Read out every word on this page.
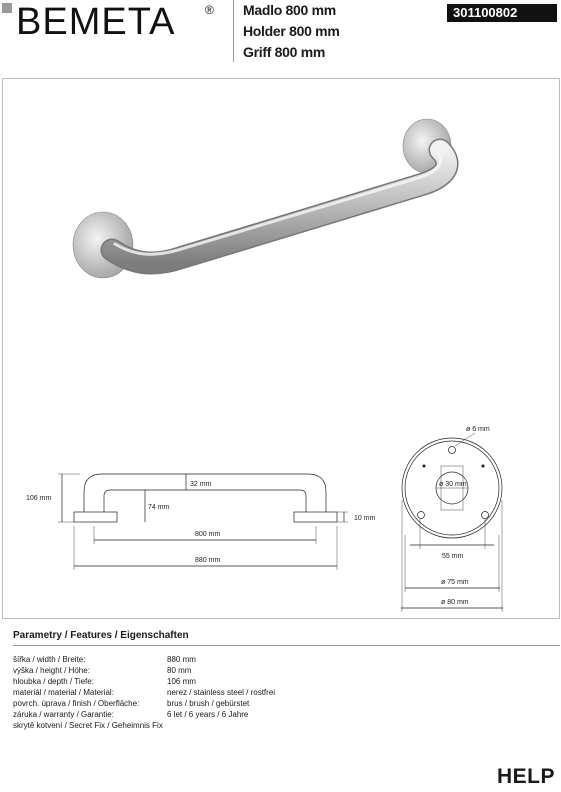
BEMETA ® Madlo 800 mm
Holder 800 mm
Griff 800 mm
301100802
106 mm
74 mm
32 mm
10 mm
800 mm
880 mm
ø 6 mm
ø 30 mm
55 mm
ø 75 mm
ø 80 mm
Parametry / Features / Eigenschaften
šířka / width / Breite:	880 mm
výška / height / Höhe:	80 mm
hloubka / depth / Tiefe:	106 mm
materiál / material / Material:	nerez / stainless steel / rostfrei
povrch. úprava / finish / Oberfläche:	brus / brush / gebürstet
záruka / warranty / Garantie:	6 let / 6 years / 6 Jahre
skrytě kotvení / Secret Fix / Geheimnis Fix
HELP
